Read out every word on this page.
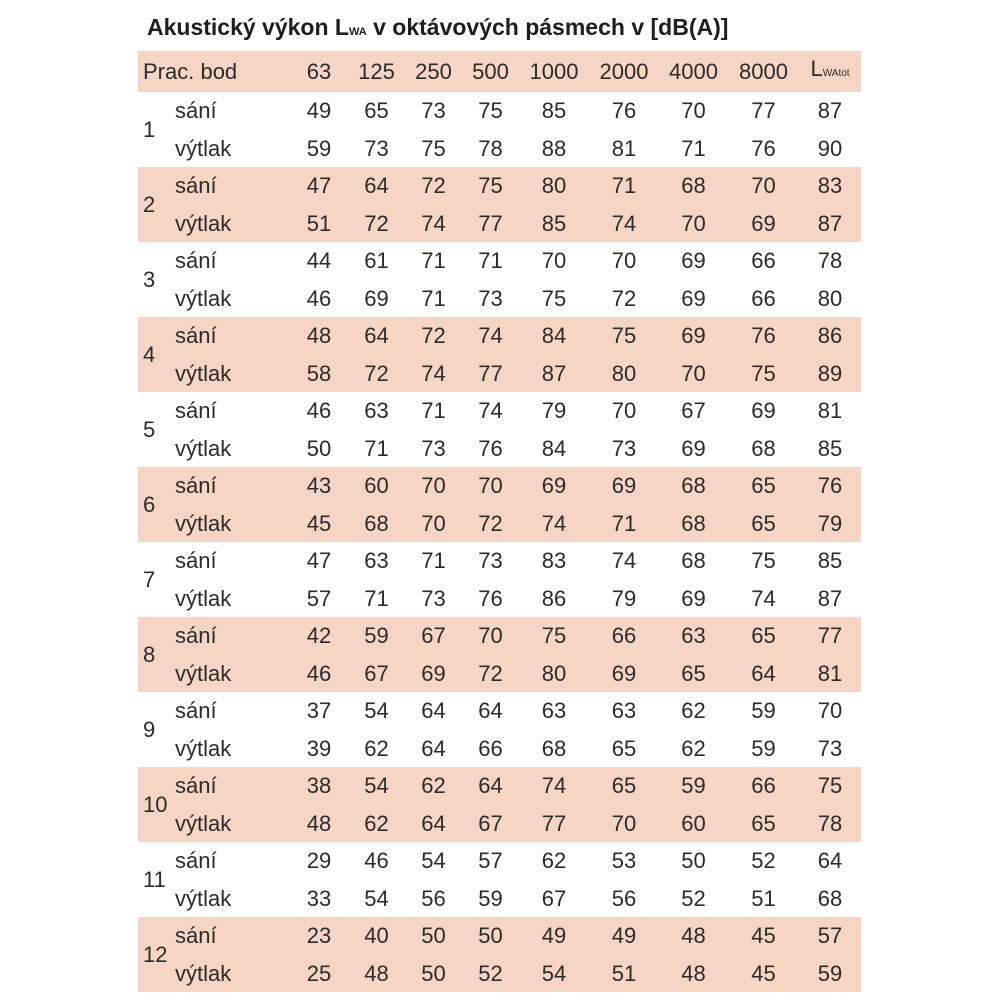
Akustický výkon LWA v oktávových pásmech v [dB(A)]
Prac. bod		63	125	250	500	1000	2000	4000	8000	LWAtot
1	sání	49	65	73	75	85	76	70	77	87
	výtlak	59	73	75	78	88	81	71	76	90
2	sání	47	64	72	75	80	71	68	70	83
	výtlak	51	72	74	77	85	74	70	69	87
3	sání	44	61	71	71	70	70	69	66	78
	výtlak	46	69	71	73	75	72	69	66	80
4	sání	48	64	72	74	84	75	69	76	86
	výtlak	58	72	74	77	87	80	70	75	89
5	sání	46	63	71	74	79	70	67	69	81
	výtlak	50	71	73	76	84	73	69	68	85
6	sání	43	60	70	70	69	69	68	65	76
	výtlak	45	68	70	72	74	71	68	65	79
7	sání	47	63	71	73	83	74	68	75	85
	výtlak	57	71	73	76	86	79	69	74	87
8	sání	42	59	67	70	75	66	63	65	77
	výtlak	46	67	69	72	80	69	65	64	81
9	sání	37	54	64	64	63	63	62	59	70
	výtlak	39	62	64	66	68	65	62	59	73
10	sání	38	54	62	64	74	65	59	66	75
	výtlak	48	62	64	67	77	70	60	65	78
11	sání	29	46	54	57	62	53	50	52	64
	výtlak	33	54	56	59	67	56	52	51	68
12	sání	23	40	50	50	49	49	48	45	57
	výtlak	25	48	50	52	54	51	48	45	59
